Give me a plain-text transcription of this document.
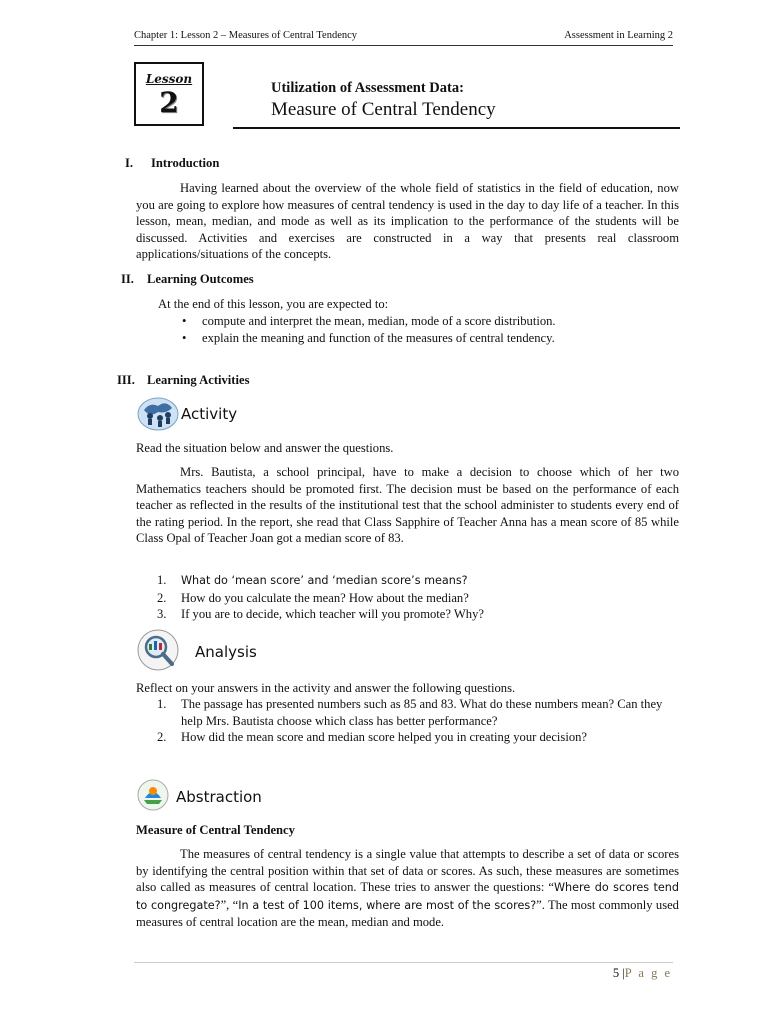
Chapter 1: Lesson 2 – Measures of Central Tendency	Assessment in Learning 2
Lesson
2	Utilization of Assessment Data:
Measure of Central Tendency
I. Introduction
Having learned about the overview of the whole field of statistics in the field of education, now you are going to explore how measures of central tendency is used in the day to day life of a teacher. In this lesson, mean, median, and mode as well as its implication to the performance of the students will be discussed. Activities and exercises are constructed in a way that presents real classroom applications/situations of the concepts.
II. Learning Outcomes
At the end of this lesson, you are expected to:
• compute and interpret the mean, median, mode of a score distribution.
• explain the meaning and function of the measures of central tendency.
III. Learning Activities
Activity
Read the situation below and answer the questions.
Mrs. Bautista, a school principal, have to make a decision to choose which of her two Mathematics teachers should be promoted first. The decision must be based on the performance of each teacher as reflected in the results of the institutional test that the school administer to students every end of the rating period. In the report, she read that Class Sapphire of Teacher Anna has a mean score of 85 while Class Opal of Teacher Joan got a median score of 83.
1. What do ‘mean score’ and ‘median score’s means?
2. How do you calculate the mean? How about the median?
3. If you are to decide, which teacher will you promote? Why?
Analysis
Reflect on your answers in the activity and answer the following questions.
1. The passage has presented numbers such as 85 and 83. What do these numbers mean? Can they help Mrs. Bautista choose which class has better performance?
2. How did the mean score and median score helped you in creating your decision?
Abstraction
Measure of Central Tendency
The measures of central tendency is a single value that attempts to describe a set of data or scores by identifying the central position within that set of data or scores. As such, these measures are sometimes also called as measures of central location. These tries to answer the questions: “Where do scores tend to congregate?”, “In a test of 100 items, where are most of the scores?”. The most commonly used measures of central location are the mean, median and mode.
5 |P a g e
